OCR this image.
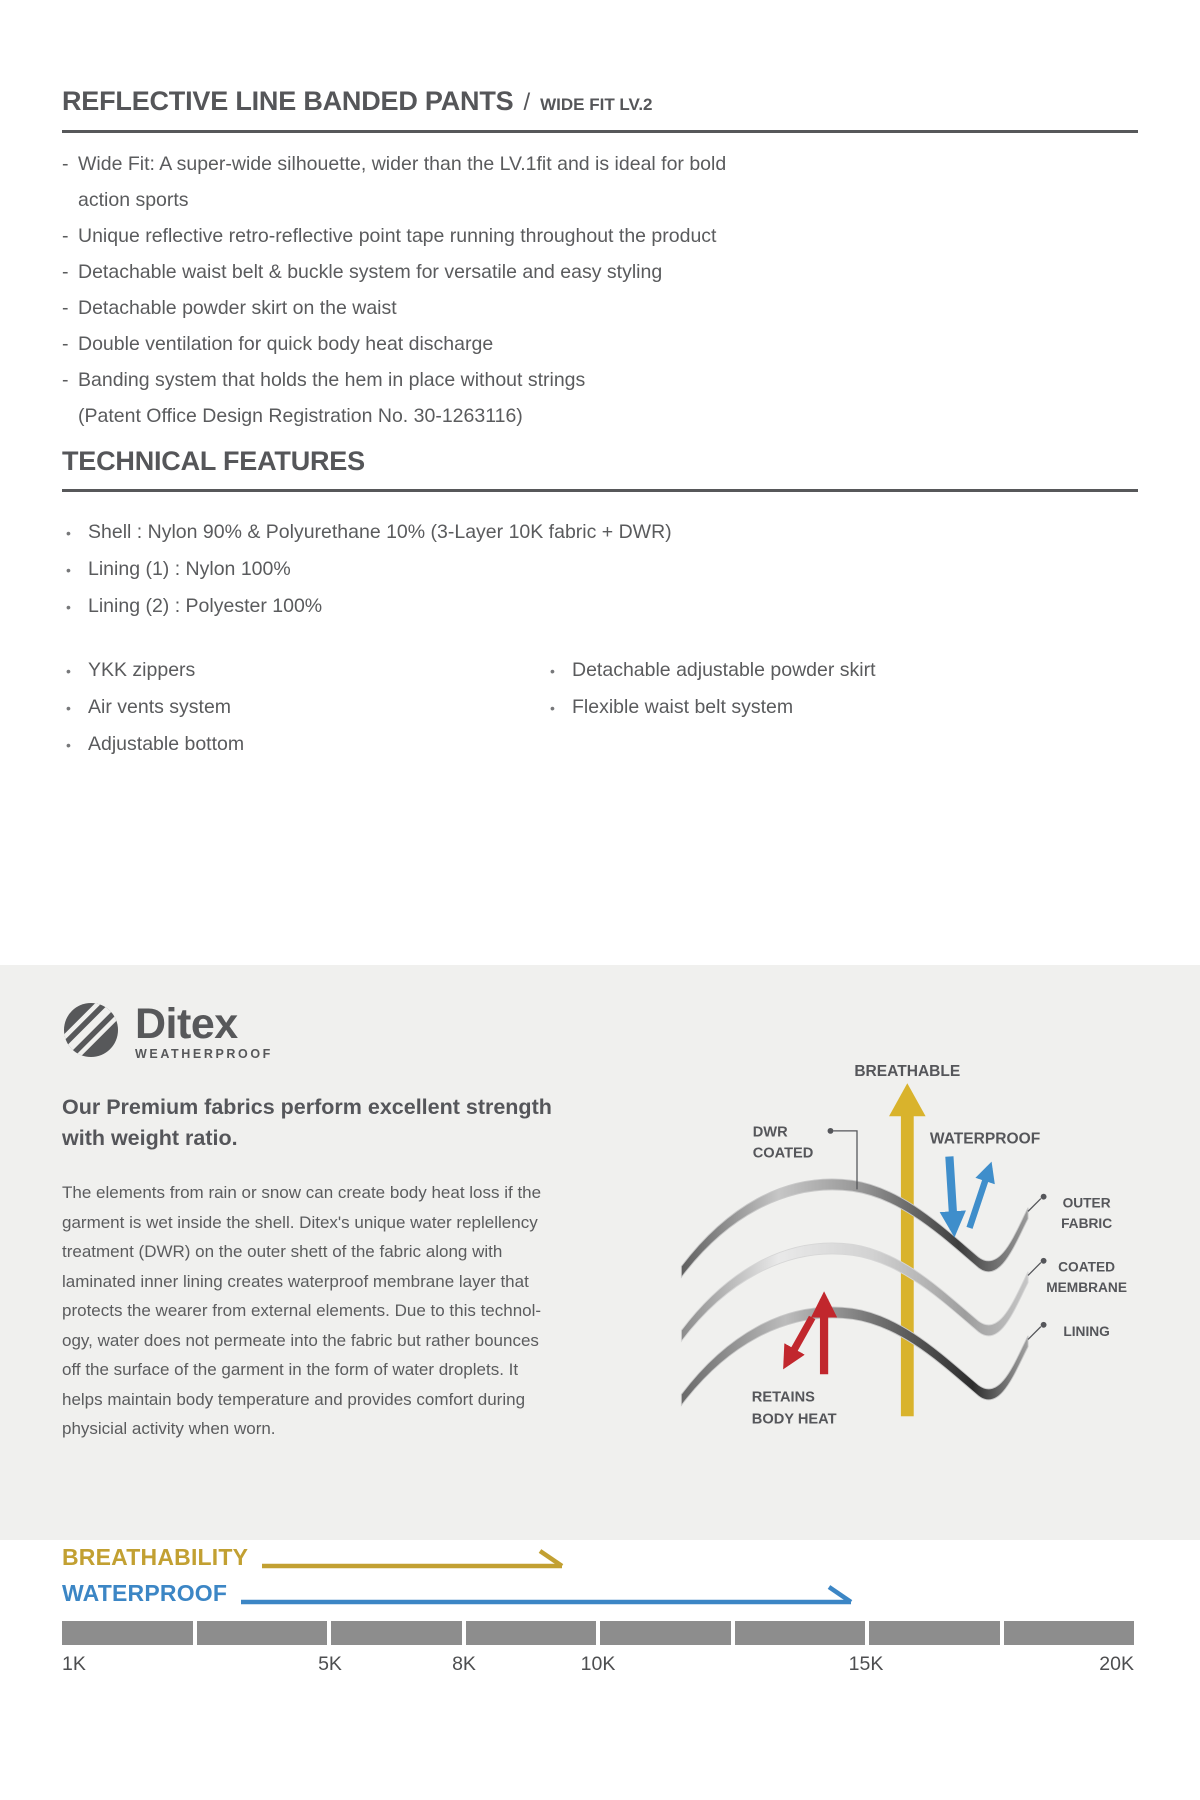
REFLECTIVE LINE BANDED PANTS / WIDE FIT LV.2
- Wide Fit: A super-wide silhouette, wider than the LV.1fit and is ideal for bold
action sports
- Unique reflective retro-reflective point tape running throughout the product
- Detachable waist belt & buckle system for versatile and easy styling
- Detachable powder skirt on the waist
- Double ventilation for quick body heat discharge
- Banding system that holds the hem in place without strings
(Patent Office Design Registration No. 30-1263116)
TECHNICAL FEATURES
• Shell : Nylon 90% & Polyurethane 10% (3-Layer 10K fabric + DWR)
• Lining (1) : Nylon 100%
• Lining (2) : Polyester 100%
• YKK zippers
• Air vents system
• Adjustable bottom
• Detachable adjustable powder skirt
• Flexible waist belt system
Ditex
WEATHERPROOF
Our Premium fabrics perform excellent strength
with weight ratio.
The elements from rain or snow can create body heat loss if the
garment is wet inside the shell. Ditex's unique water replellency
treatment (DWR) on the outer shett of the fabric along with
laminated inner lining creates waterproof membrane layer that
protects the wearer from external elements. Due to this technol-
ogy, water does not permeate into the fabric but rather bounces
off the surface of the garment in the form of water droplets. It
helps maintain body temperature and provides comfort during
physicial activity when worn.
BREATHABLE
DWR
COATED
WATERPROOF
OUTER
FABRIC
COATED
MEMBRANE
LINING
RETAINS
BODY HEAT
BREATHABILITY
WATERPROOF
1K	5K	8K	10K	15K	20K
